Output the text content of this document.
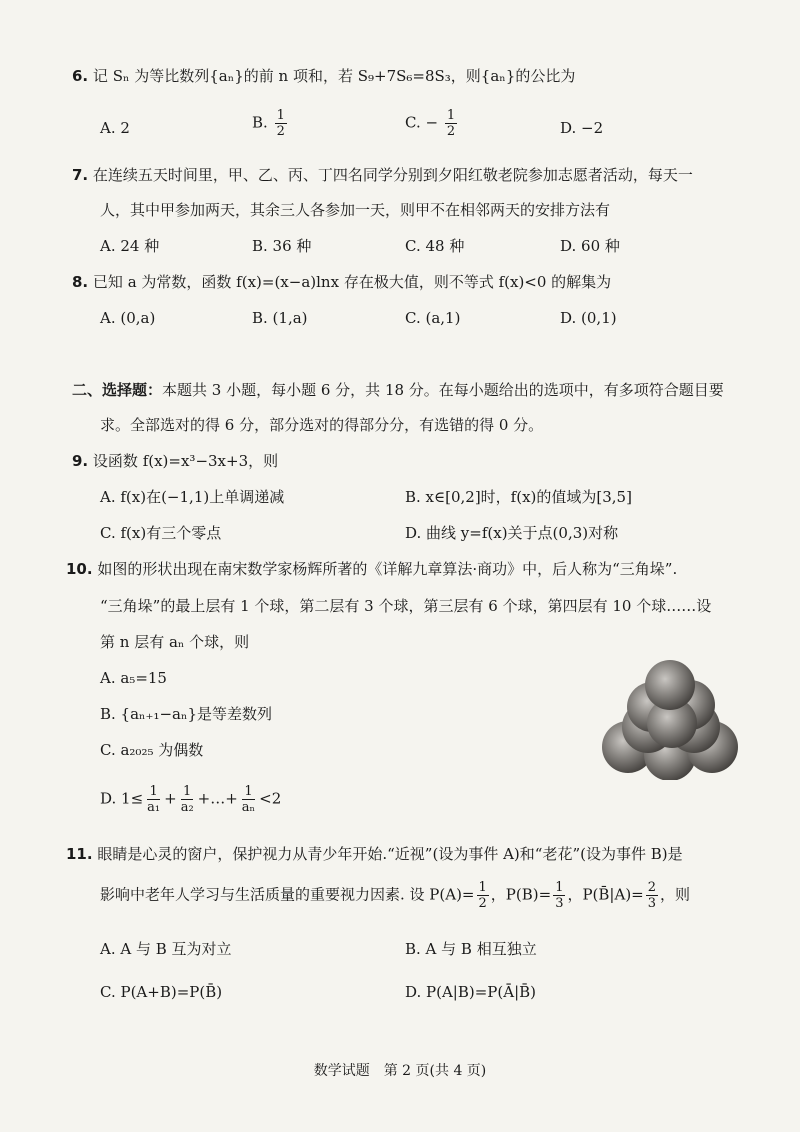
6. 记 Sₙ 为等比数列{aₙ}的前 n 项和，若 S₉+7S₆=8S₃，则{aₙ}的公比为
A. 2	B. $\frac{1}{2}$	C. − $\frac{1}{2}$	D. −2
7. 在连续五天时间里，甲、乙、丙、丁四名同学分别到夕阳红敬老院参加志愿者活动，每天一
人，其中甲参加两天，其余三人各参加一天，则甲不在相邻两天的安排方法有
A. 24 种	B. 36 种	C. 48 种	D. 60 种
8. 已知 a 为常数，函数 f(x)=(x−a)lnx 存在极大值，则不等式 f(x)<0 的解集为
A. (0,a)	B. (1,a)	C. (a,1)	D. (0,1)
二、选择题：本题共 3 小题，每小题 6 分，共 18 分。在每小题给出的选项中，有多项符合题目要
求。全部选对的得 6 分，部分选对的得部分分，有选错的得 0 分。
9. 设函数 f(x)=x³−3x+3，则
A. f(x)在(−1,1)上单调递减	B. x∈[0,2]时，f(x)的值域为[3,5]
C. f(x)有三个零点	D. 曲线 y=f(x)关于点(0,3)对称
10. 如图的形状出现在南宋数学家杨辉所著的《详解九章算法·商功》中，后人称为“三角垛”.
“三角垛”的最上层有 1 个球，第二层有 3 个球，第三层有 6 个球，第四层有 10 个球……设
第 n 层有 aₙ 个球，则
A. a₅=15
B. {aₙ₊₁−aₙ}是等差数列
C. a₂₀₂₅ 为偶数
D. $1\le \frac{1}{\text{a₁}} + \frac{1}{\text{a₂}}$ +…+ $\frac{1}{\text{aₙ}} <2$
11. 眼睛是心灵的窗户，保护视力从青少年开始.“近视”(设为事件 A)和“老花”(设为事件 B)是
影响中老年人学习与生活质量的重要视力因素. 设 $P(A)= \frac{1}{2}$ ，$P(B)= \frac{1}{3}$ ，P(B̄|A)= $\frac{2}{3}$ ，则
A. A 与 B 互为对立	B. A 与 B 相互独立
C. P(A+B)=P(B̄)	D. P(A|B)=P(Ā|B̄)
数学试题　第 2 页(共 4 页)
